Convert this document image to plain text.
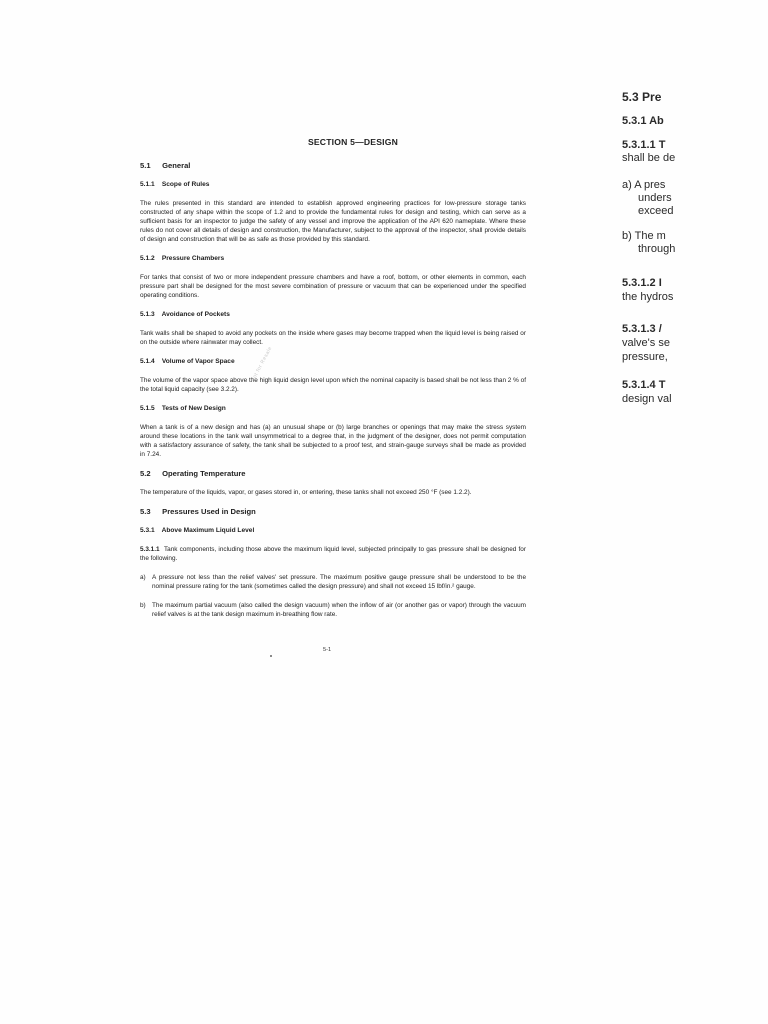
SECTION 5—DESIGN
5.1 General
5.1.1 Scope of Rules

The rules presented in this standard are intended to establish approved engineering practices for low-pressure storage tanks constructed of any shape within the scope of 1.2 and to provide the fundamental rules for design and testing, which can serve as a sufficient basis for an inspector to judge the safety of any vessel and improve the application of the API 620 nameplate. Where these rules do not cover all details of design and construction, the Manufacturer, subject to the approval of the inspector, shall provide details of design and construction that will be as safe as those provided by this standard.

5.1.2 Pressure Chambers

For tanks that consist of two or more independent pressure chambers and have a roof, bottom, or other elements in common, each pressure part shall be designed for the most severe combination of pressure or vacuum that can be experienced under the specified operating conditions.

5.1.3 Avoidance of Pockets

Tank walls shall be shaped to avoid any pockets on the inside where gases may become trapped when the liquid level is being raised or on the outside where rainwater may collect.

5.1.4 Volume of Vapor Space

The volume of the vapor space above the high liquid design level upon which the nominal capacity is based shall be not less than 2 % of the total liquid capacity (see 3.2.2).

5.1.5 Tests of New Design

When a tank is of a new design and has (a) an unusual shape or (b) large branches or openings that may make the stress system around these locations in the tank wall unsymmetrical to a degree that, in the judgment of the designer, does not permit computation with a satisfactory assurance of safety, the tank shall be subjected to a proof test, and strain-gauge surveys shall be made as provided in 7.24.

5.2 Operating Temperature

The temperature of the liquids, vapor, or gases stored in, or entering, these tanks shall not exceed 250 °F (see 1.2.2).

5.3 Pressures Used in Design
5.3.1 Above Maximum Liquid Level

5.3.1.1 Tank components, including those above the maximum liquid level, subjected principally to gas pressure shall be designed for the following.

a) A pressure not less than the relief valves' set pressure. The maximum positive gauge pressure shall be understood to be the nominal pressure rating for the tank (sometimes called the design pressure) and shall not exceed 15 lbf/in.² gauge.
b) The maximum partial vacuum (also called the design vacuum) when the inflow of air (or another gas or vapor) through the vacuum relief valves is at the tank design maximum in-breathing flow rate.
Not for Resale
5-1
5.3 Pre
5.3.1 Ab
5.3.1.1 T
shall be de
a) A pres
unders
exceed
b) The m
through
5.3.1.2 I
the hydros
5.3.1.3 /
valve's se
pressure,
5.3.1.4 T
design val
